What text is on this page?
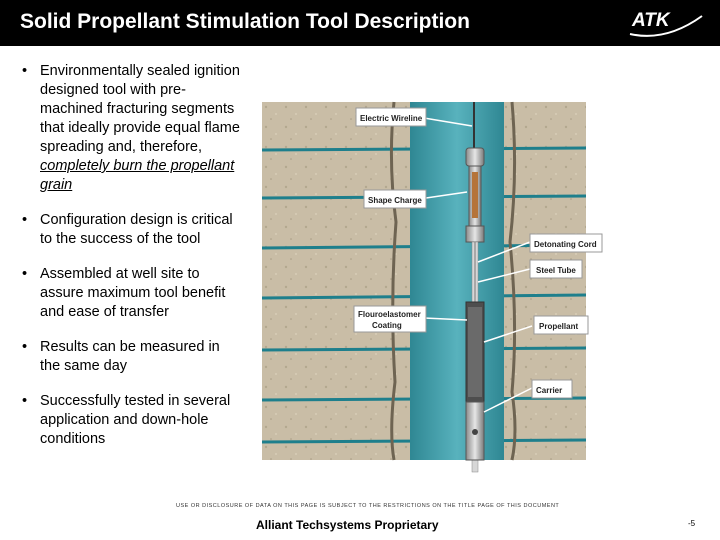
Solid Propellant Stimulation Tool Description	ATK
• Environmentally sealed ignition designed tool with pre-machined fracturing segments that ideally provide equal flame spreading and, therefore, completely burn the propellant grain
• Configuration design is critical to the success of the tool
• Assembled at well site to assure maximum tool benefit and ease of transfer
• Results can be measured in the same day
• Successfully tested in several application and down-hole conditions
Electric Wireline
Shape Charge
Detonating Cord
Steel Tube
Flouroelastomer
Coating	Propellant
Carrier
USE OR DISCLOSURE OF DATA ON THIS PAGE IS SUBJECT TO THE RESTRICTIONS ON THE TITLE PAGE OF THIS DOCUMENT
Alliant Techsystems Proprietary	-5
